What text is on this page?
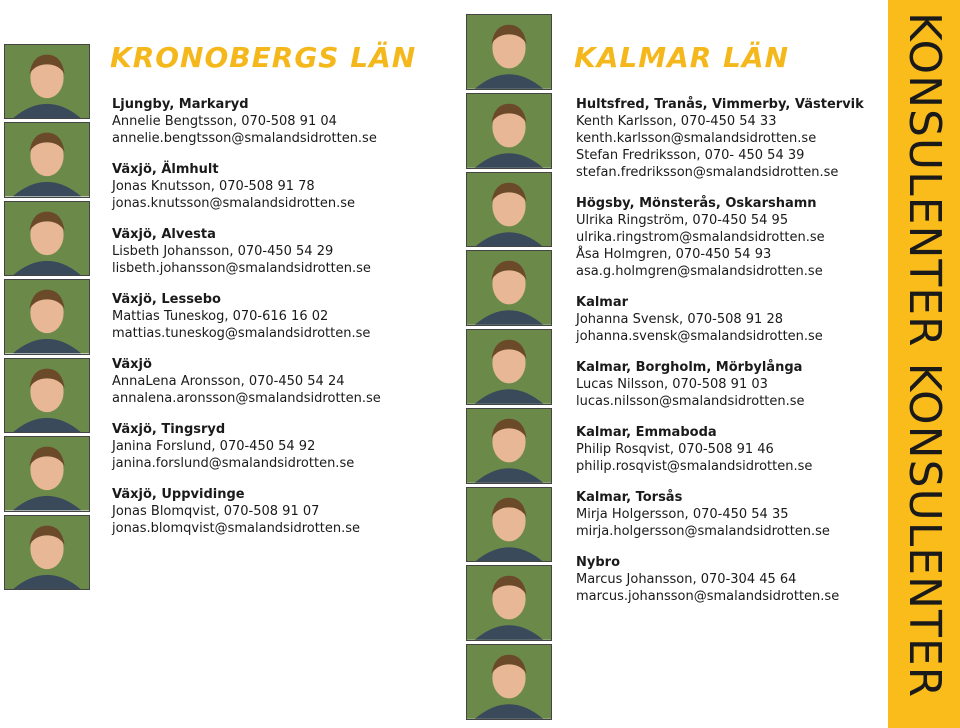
KRONOBERGS LÄN
Ljungby, Markaryd
Annelie Bengtsson, 070-508 91 04
annelie.bengtsson@smalandsidrotten.se
Växjö, Älmhult
Jonas Knutsson, 070-508 91 78
jonas.knutsson@smalandsidrotten.se
Växjö, Alvesta
Lisbeth Johansson, 070-450 54 29
lisbeth.johansson@smalandsidrotten.se
Växjö, Lessebo
Mattias Tuneskog, 070-616 16 02
mattias.tuneskog@smalandsidrotten.se
Växjö
AnnaLena Aronsson, 070-450 54 24
annalena.aronsson@smalandsidrotten.se
Växjö, Tingsryd
Janina Forslund, 070-450 54 92
janina.forslund@smalandsidrotten.se
Växjö, Uppvidinge
Jonas Blomqvist, 070-508 91 07
jonas.blomqvist@smalandsidrotten.se
KALMAR LÄN
Hultsfred, Tranås, Vimmerby, Västervik
Kenth Karlsson, 070-450 54 33
kenth.karlsson@smalandsidrotten.se
Stefan Fredriksson, 070- 450 54 39
stefan.fredriksson@smalandsidrotten.se
Högsby, Mönsterås, Oskarshamn
Ulrika Ringström, 070-450 54 95
ulrika.ringstrom@smalandsidrotten.se
Åsa Holmgren, 070-450 54 93
asa.g.holmgren@smalandsidrotten.se
Kalmar
Johanna Svensk, 070-508 91 28
johanna.svensk@smalandsidrotten.se
Kalmar, Borgholm, Mörbylånga
Lucas Nilsson, 070-508 91 03
lucas.nilsson@smalandsidrotten.se
Kalmar, Emmaboda
Philip Rosqvist, 070-508 91 46
philip.rosqvist@smalandsidrotten.se
Kalmar, Torsås
Mirja Holgersson, 070-450 54 35
mirja.holgersson@smalandsidrotten.se
Nybro
Marcus Johansson, 070-304 45 64
marcus.johansson@smalandsidrotten.se	KONSULENTER KONSULENTER
